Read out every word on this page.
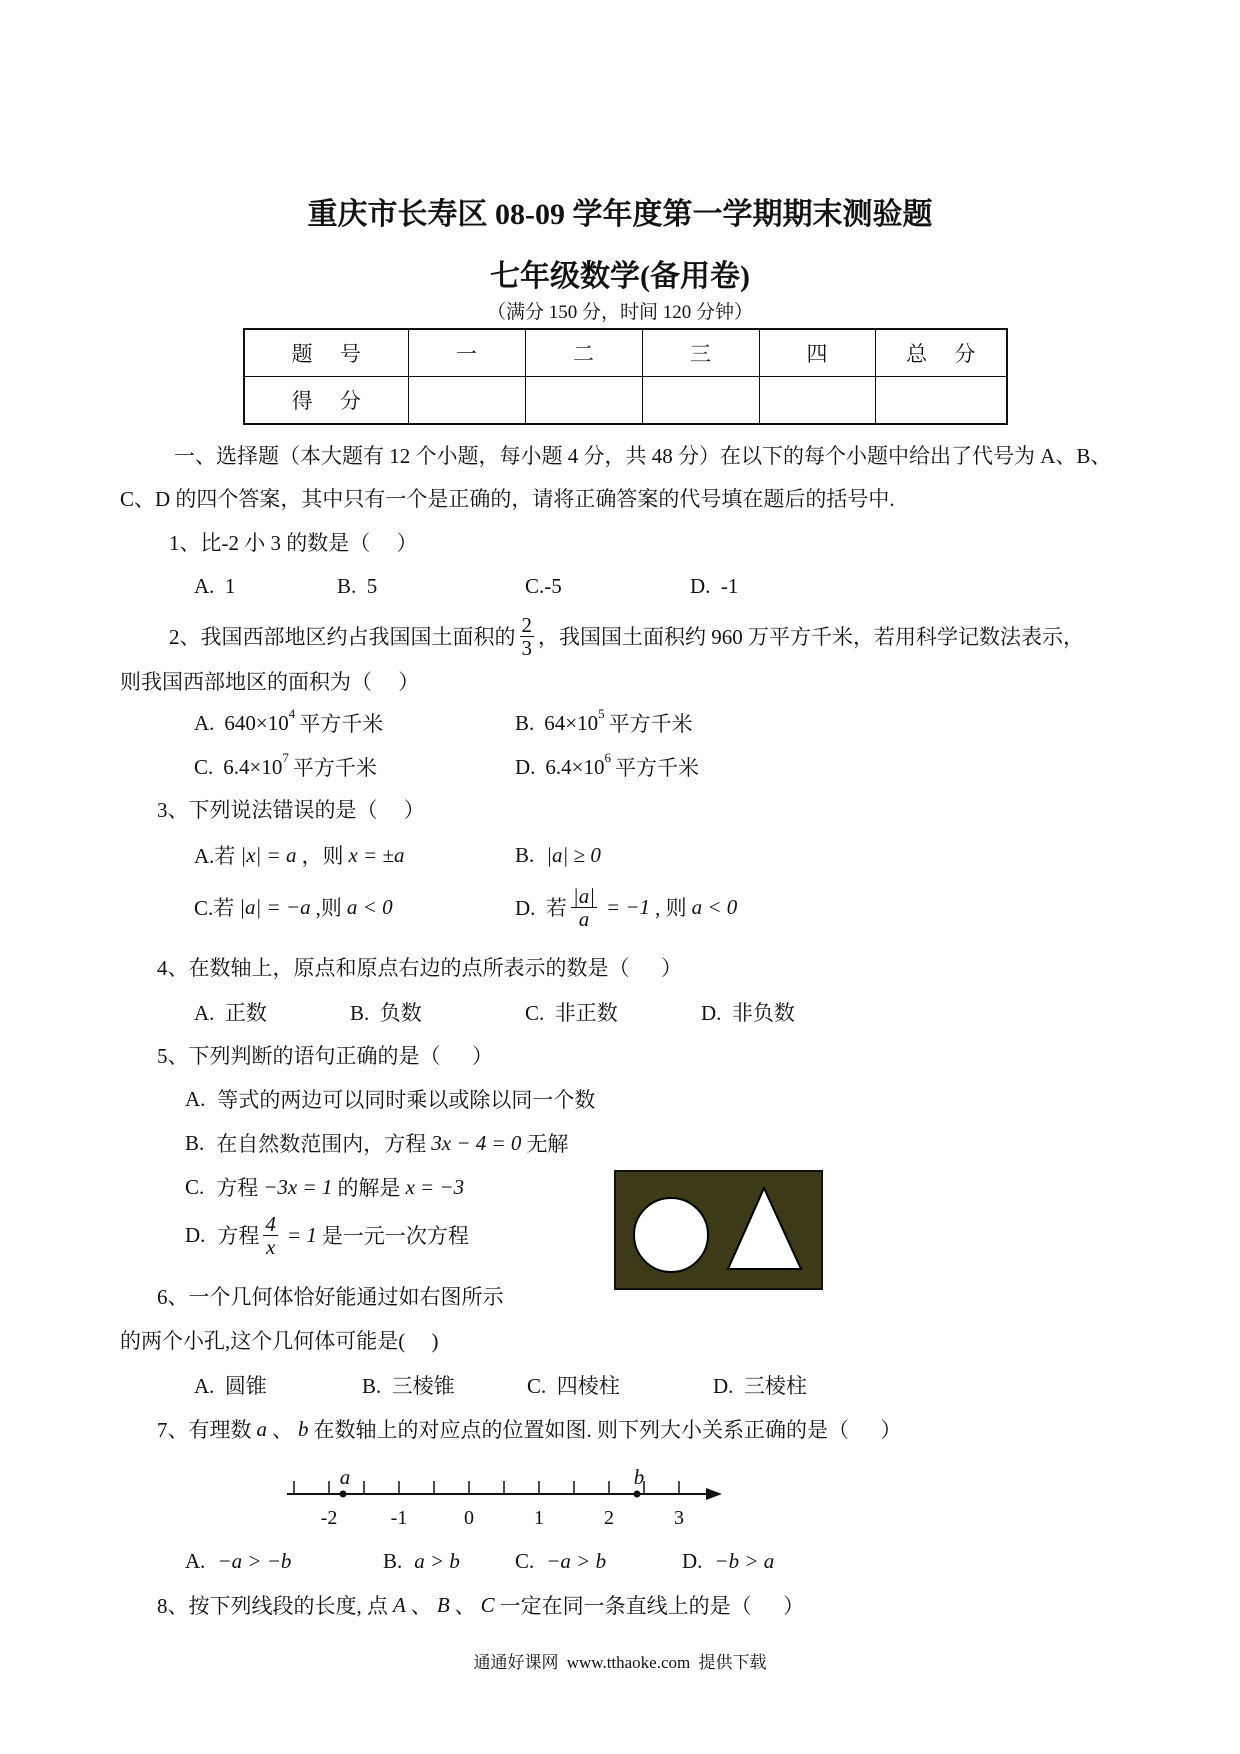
重庆市长寿区 08-09 学年度第一学期期末测验题
七年级数学(备用卷)
（满分 150 分，时间 120 分钟）
题 号	一	二	三	四	总 分
得 分					
一、选择题（本大题有 12 个小题，每小题 4 分，共 48 分）在以下的每个小题中给出了代号为 A、B、
C、D 的四个答案，其中只有一个是正确的，请将正确答案的代号填在题后的括号中.
1、比-2 小 3 的数是（     ）
A.  1	B.  5	C.-5	D.  -1
2、我国西部地区约占我国国土面积的 $\frac{2}{3}$ ，我国国土面积约 960 万平方千米，若用科学记数法表示，
则我国西部地区的面积为（     ）
A. 640×10 4 平方千米	B. 64×10 5 平方千米
C. 6.4×10 7 平方千米	D. 6.4×10 6 平方千米
3、下列说法错误的是（     ）
A.若 |x| = a ，则 x = ±a	B. |a| ≥ 0
C.若 |a| = −a ,则 a < 0	D.  若 $\frac{|a|}{a} = -1$ , 则 a < 0
4、在数轴上，原点和原点右边的点所表示的数是（      ）
A.  正数	B.  负数	C.  非正数	D.  非负数
5、下列判断的语句正确的是（      ）
A. 等式的两边可以同时乘以或除以同一个数
B. 在自然数范围内，方程 3x − 4 = 0 无解
C. 方程 −3x = 1 的解是 x = −3
D. 方程 $\frac{4}{x} = 1$ 是一元一次方程
6、一个几何体恰好能通过如右图所示
的两个小孔,这个几何体可能是(     )
A.  圆锥	B.  三棱锥	C.  四棱柱	D.  三棱柱
7、有理数 a 、 b 在数轴上的对应点的位置如图. 则下列大小关系正确的是（      ）
-2	-1	0	1	2	3
a	b
A. −a > −b	B. a > b	C. −a > b	D. −b > a
8、按下列线段的长度, 点 A 、 B 、 C 一定在同一条直线上的是（      ）
通通好课网 www.tthaoke.com 提供下载
